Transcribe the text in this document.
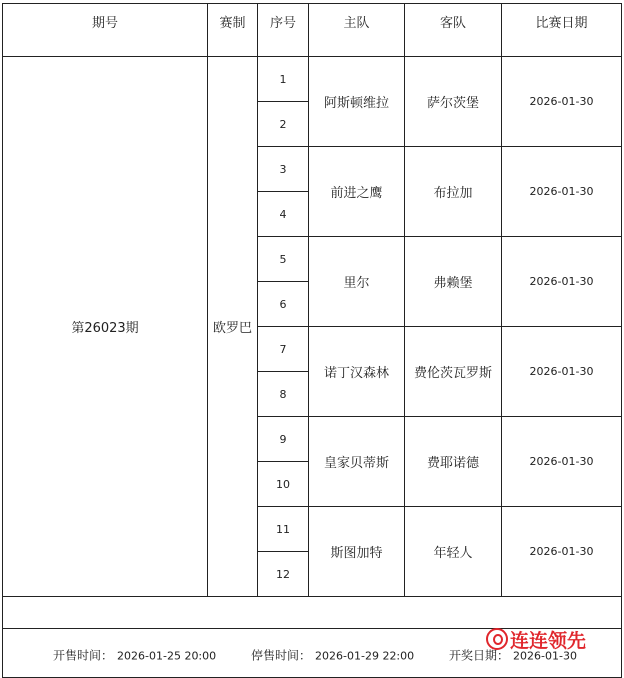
期号	赛制	序号	主队	客队	比赛日期
第26023期	欧罗巴	1	阿斯顿维拉	萨尔茨堡	2026-01-30
		2			
		3	前进之鹰	布拉加	2026-01-30
		4			
		5	里尔	弗赖堡	2026-01-30
		6			
		7	诺丁汉森林	费伦茨瓦罗斯	2026-01-30
		8			
		9	皇家贝蒂斯	费耶诺德	2026-01-30
		10			
		11	斯图加特	年轻人	2026-01-30
		12			

开售时间： 2026-01-25 20:00 停售时间： 2026-01-29 22:00 开奖日期： 2026-01-30					
连连领先
